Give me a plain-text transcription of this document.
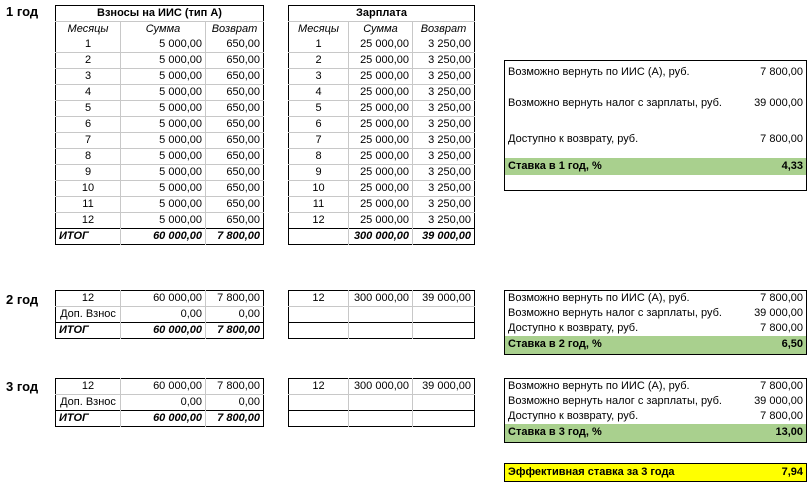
1 год
2 год
3 год
Взносы на ИИС (тип А)		
Месяцы	Сумма	Возврат
1	5 000,00	650,00
2	5 000,00	650,00
3	5 000,00	650,00
4	5 000,00	650,00
5	5 000,00	650,00
6	5 000,00	650,00
7	5 000,00	650,00
8	5 000,00	650,00
9	5 000,00	650,00
10	5 000,00	650,00
11	5 000,00	650,00
12	5 000,00	650,00
ИТОГ	60 000,00	7 800,00
Зарплата		
Месяцы	Сумма	Возврат
1	25 000,00	3 250,00
2	25 000,00	3 250,00
3	25 000,00	3 250,00
4	25 000,00	3 250,00
5	25 000,00	3 250,00
6	25 000,00	3 250,00
7	25 000,00	3 250,00
8	25 000,00	3 250,00
9	25 000,00	3 250,00
10	25 000,00	3 250,00
11	25 000,00	3 250,00
12	25 000,00	3 250,00
	300 000,00	39 000,00
Возможно вернуть по ИИС (А), руб.	7 800,00
Возможно вернуть налог с зарплаты, руб.	39 000,00
Доступно к возврату, руб.	7 800,00
Ставка в 1 год, %	4,33

12	60 000,00	7 800,00
Доп. Взнос	0,00	0,00
ИТОГ	60 000,00	7 800,00
12	300 000,00	39 000,00

			Возможно вернуть по ИИС (А), руб.	7 800,00
Возможно вернуть налог с зарплаты, руб.	39 000,00
Доступно к возврату, руб.	7 800,00
Ставка в 2 год, %	6,50
12	60 000,00	7 800,00
Доп. Взнос	0,00	0,00
ИТОГ	60 000,00	7 800,00
12	300 000,00	39 000,00

			Возможно вернуть по ИИС (А), руб.	7 800,00
Возможно вернуть налог с зарплаты, руб.	39 000,00
Доступно к возврату, руб.	7 800,00
Ставка в 3 год, %	13,00
Эффективная ставка за 3 года	7,94
